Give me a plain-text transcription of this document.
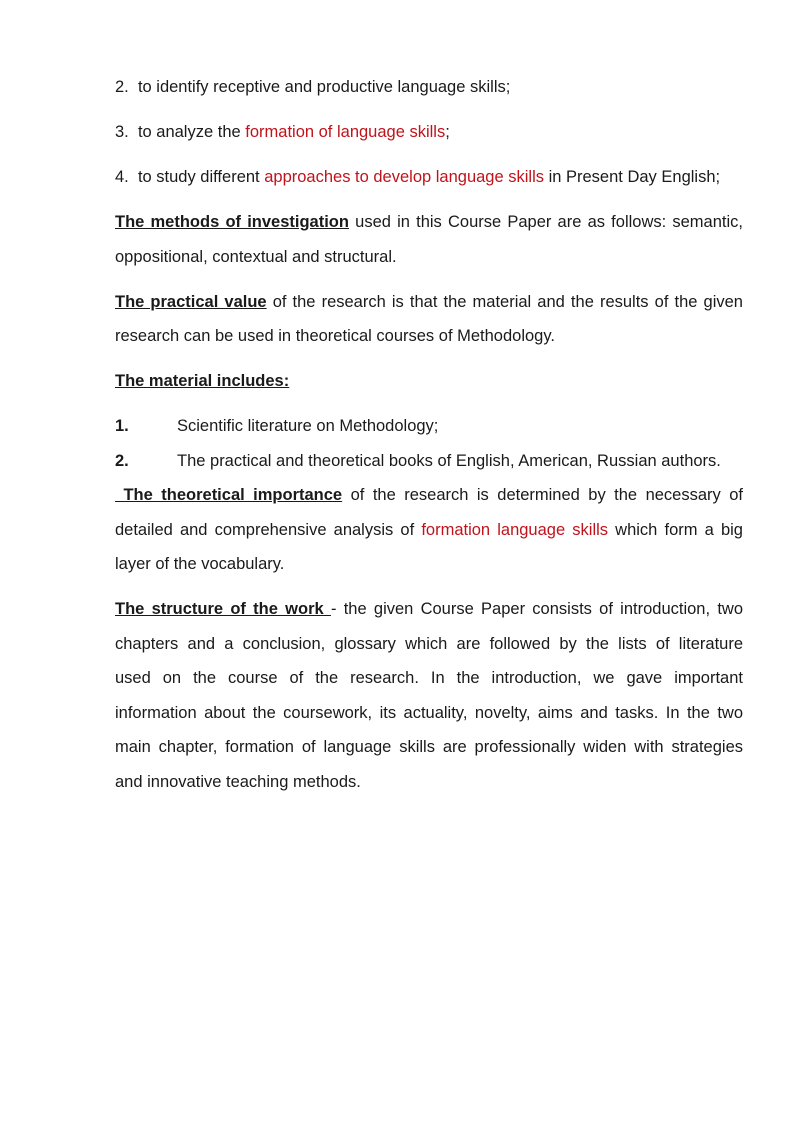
2. to identify receptive and productive language skills;
3. to analyze the formation of language skills;
4. to study different approaches to develop language skills in Present Day English;
The methods of investigation used in this Course Paper are as follows: semantic,
oppositional, contextual and structural.
The practical value of the research is that the material and the results of the given
research can be used in theoretical courses of Methodology.
The material includes:
1.	Scientific literature on Methodology;
2.	The practical and theoretical books of English, American, Russian authors.
The theoretical importance of the research is determined by the necessary of
detailed and comprehensive analysis of formation language skills which form a big
layer of the vocabulary.
The structure of the work - the given Course Paper consists of introduction, two
chapters and a conclusion, glossary which are followed by the lists of literature
used on the course of the research. In the introduction, we gave important
information about the coursework, its actuality, novelty, aims and tasks. In the two
main chapter, formation of language skills are professionally widen with strategies
and innovative teaching methods.
